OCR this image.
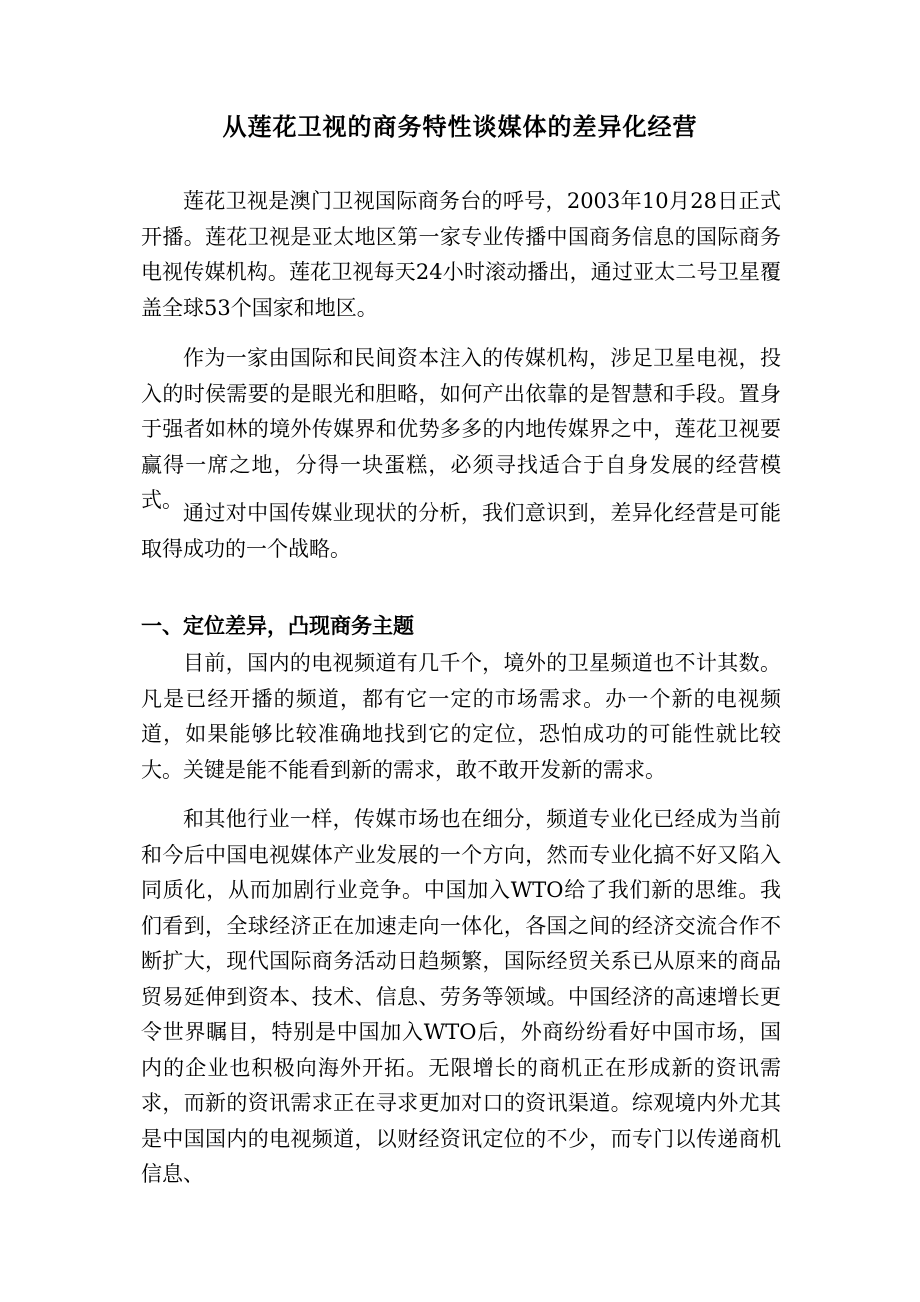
从莲花卫视的商务特性谈媒体的差异化经营

莲花卫视是澳门卫视国际商务台的呼号，2003年10月28日正式开播。莲花卫视是亚太地区第一家专业传播中国商务信息的国际商务电视传媒机构。莲花卫视每天24小时滚动播出，通过亚太二号卫星覆盖全球53个国家和地区。

作为一家由国际和民间资本注入的传媒机构，涉足卫星电视，投入的时侯需要的是眼光和胆略，如何产出依靠的是智慧和手段。置身于强者如林的境外传媒界和优势多多的内地传媒界之中，莲花卫视要赢得一席之地，分得一块蛋糕，必须寻找适合于自身发展的经营模式。

通过对中国传媒业现状的分析，我们意识到，差异化经营是可能取得成功的一个战略。

一、定位差异，凸现商务主题

目前，国内的电视频道有几千个，境外的卫星频道也不计其数。凡是已经开播的频道，都有它一定的市场需求。办一个新的电视频道，如果能够比较准确地找到它的定位，恐怕成功的可能性就比较大。关键是能不能看到新的需求，敢不敢开发新的需求。

和其他行业一样，传媒市场也在细分，频道专业化已经成为当前和今后中国电视媒体产业发展的一个方向，然而专业化搞不好又陷入同质化，从而加剧行业竞争。中国加入WTO给了我们新的思维。我们看到，全球经济正在加速走向一体化，各国之间的经济交流合作不断扩大，现代国际商务活动日趋频繁，国际经贸关系已从原来的商品贸易延伸到资本、技术、信息、劳务等领域。中国经济的高速增长更令世界瞩目，特别是中国加入WTO后，外商纷纷看好中国市场，国内的企业也积极向海外开拓。无限增长的商机正在形成新的资讯需求，而新的资讯需求正在寻求更加对口的资讯渠道。综观境内外尤其是中国国内的电视频道，以财经资讯定位的不少，而专门以传递商机信息、
